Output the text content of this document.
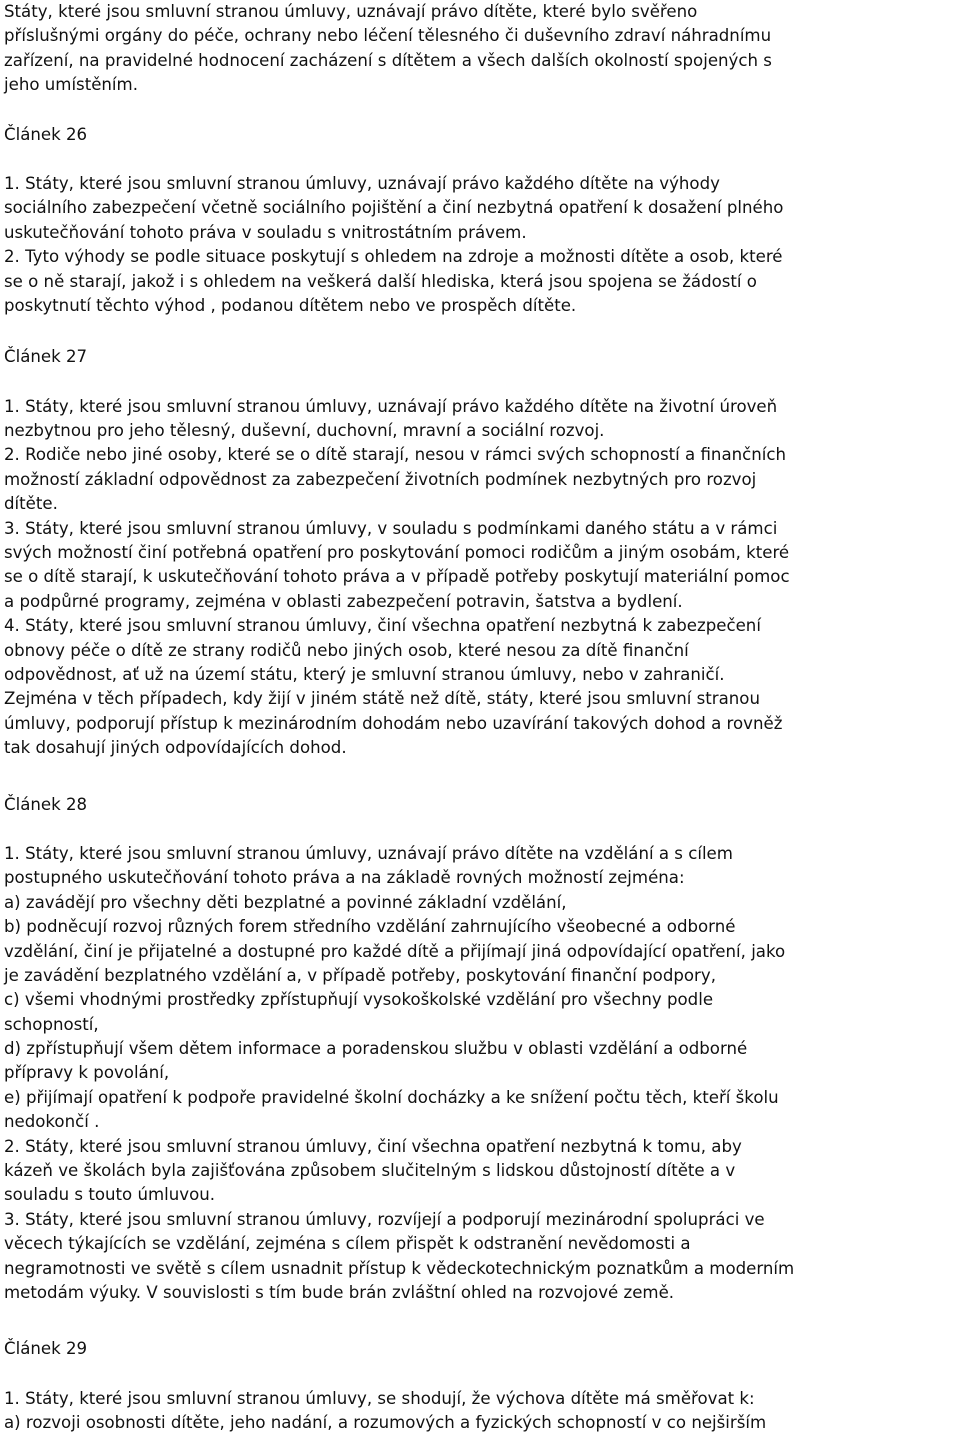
Státy, které jsou smluvní stranou úmluvy, uznávají právo dítěte, které bylo svěřeno
příslušnými orgány do péče, ochrany nebo léčení tělesného či duševního zdraví náhradnímu
zařízení, na pravidelné hodnocení zacházení s dítětem a všech dalších okolností spojených s
jeho umístěním.
Článek 26
1. Státy, které jsou smluvní stranou úmluvy, uznávají právo každého dítěte na výhody
sociálního zabezpečení včetně sociálního pojištění a činí nezbytná opatření k dosažení plného
uskutečňování tohoto práva v souladu s vnitrostátním právem.
2. Tyto výhody se podle situace poskytují s ohledem na zdroje a možnosti dítěte a osob, které
se o ně starají, jakož i s ohledem na veškerá další hlediska, která jsou spojena se žádostí o
poskytnutí těchto výhod , podanou dítětem nebo ve prospěch dítěte.
Článek 27
1. Státy, které jsou smluvní stranou úmluvy, uznávají právo každého dítěte na životní úroveň
nezbytnou pro jeho tělesný, duševní, duchovní, mravní a sociální rozvoj.
2. Rodiče nebo jiné osoby, které se o dítě starají, nesou v rámci svých schopností a finančních
možností základní odpovědnost za zabezpečení životních podmínek nezbytných pro rozvoj
dítěte.
3. Státy, které jsou smluvní stranou úmluvy, v souladu s podmínkami daného státu a v rámci
svých možností činí potřebná opatření pro poskytování pomoci rodičům a jiným osobám, které
se o dítě starají, k uskutečňování tohoto práva a v případě potřeby poskytují materiální pomoc
a podpůrné programy, zejména v oblasti zabezpečení potravin, šatstva a bydlení.
4. Státy, které jsou smluvní stranou úmluvy, činí všechna opatření nezbytná k zabezpečení
obnovy péče o dítě ze strany rodičů nebo jiných osob, které nesou za dítě finanční
odpovědnost, ať už na území státu, který je smluvní stranou úmluvy, nebo v zahraničí.
Zejména v těch případech, kdy žijí v jiném státě než dítě, státy, které jsou smluvní stranou
úmluvy, podporují přístup k mezinárodním dohodám nebo uzavírání takových dohod a rovněž
tak dosahují jiných odpovídajících dohod.
Článek 28
1. Státy, které jsou smluvní stranou úmluvy, uznávají právo dítěte na vzdělání a s cílem
postupného uskutečňování tohoto práva a na základě rovných možností zejména:
a) zavádějí pro všechny děti bezplatné a povinné základní vzdělání,
b) podněcují rozvoj různých forem středního vzdělání zahrnujícího všeobecné a odborné
vzdělání, činí je přijatelné a dostupné pro každé dítě a přijímají jiná odpovídající opatření, jako
je zavádění bezplatného vzdělání a, v případě potřeby, poskytování finanční podpory,
c) všemi vhodnými prostředky zpřístupňují vysokoškolské vzdělání pro všechny podle
schopností,
d) zpřístupňují všem dětem informace a poradenskou službu v oblasti vzdělání a odborné
přípravy k povolání,
e) přijímají opatření k podpoře pravidelné školní docházky a ke snížení počtu těch, kteří školu
nedokončí .
2. Státy, které jsou smluvní stranou úmluvy, činí všechna opatření nezbytná k tomu, aby
kázeň ve školách byla zajišťována způsobem slučitelným s lidskou důstojností dítěte a v
souladu s touto úmluvou.
3. Státy, které jsou smluvní stranou úmluvy, rozvíjejí a podporují mezinárodní spolupráci ve
věcech týkajících se vzdělání, zejména s cílem přispět k odstranění nevědomosti a
negramotnosti ve světě s cílem usnadnit přístup k vědeckotechnickým poznatkům a moderním
metodám výuky. V souvislosti s tím bude brán zvláštní ohled na rozvojové země.
Článek 29
1. Státy, které jsou smluvní stranou úmluvy, se shodují, že výchova dítěte má směřovat k:
a) rozvoji osobnosti dítěte, jeho nadání, a rozumových a fyzických schopností v co nejširším
